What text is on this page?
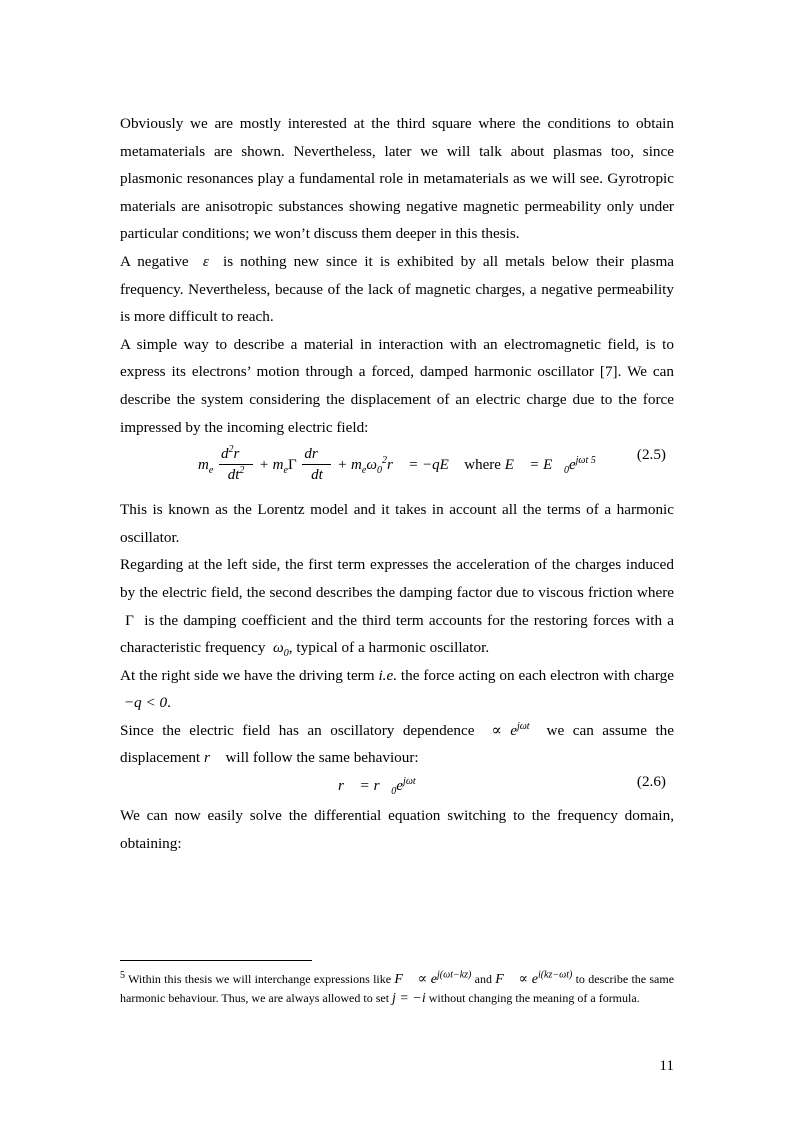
Obviously we are mostly interested at the third square where the conditions to obtain metamaterials are shown. Nevertheless, later we will talk about plasmas too, since plasmonic resonances play a fundamental role in metamaterials as we will see. Gyrotropic materials are anisotropic substances showing negative magnetic permeability only under particular conditions; we won’t discuss them deeper in this thesis.

A negative ε is nothing new since it is exhibited by all metals below their plasma frequency. Nevertheless, because of the lack of magnetic charges, a negative permeability is more difficult to reach.

A simple way to describe a material in interaction with an electromagnetic field, is to express its electrons’ motion through a forced, damped harmonic oscillator [7]. We can describe the system considering the displacement of an electric charge due to the force impressed by the incoming electric field:

$m_e \frac{d^2r⃗}{dt^2} + m_e\Gamma \frac{dr⃗}{dt}$ + $m_e\omega_0^2r⃗$ = −qE⃗ where E⃗ = $E⃗_0e^{j\omega t 5}$	(2.5)

This is known as the Lorentz model and it takes in account all the terms of a harmonic oscillator.

Regarding at the left side, the first term expresses the acceleration of the charges induced by the electric field, the second describes the damping factor due to viscous friction where  Γ is the damping coefficient and the third term accounts for the restoring forces with a characteristic frequency $\omega_0$, typical of a harmonic oscillator.

At the right side we have the driving term i.e. the force acting on each electron with charge  −q < 0.

Since the electric field has an oscillatory dependence ∝ $e^{j\omega t}$ we can assume the displacement r⃗ will follow the same behaviour:

r⃗ = $r⃗_0e^{j\omega t}$	(2.6)

We can now easily solve the differential equation switching to the frequency domain, obtaining:

$^5$ Within this thesis we will interchange expressions like F⃗ ∝ $e^{j(\omega t-kz)}$ and F⃗ ∝ $e^{i(kz-\omega t)}$ to describe the same harmonic behaviour. Thus, we are always allowed to set j = −i without changing the meaning of a formula.
11
